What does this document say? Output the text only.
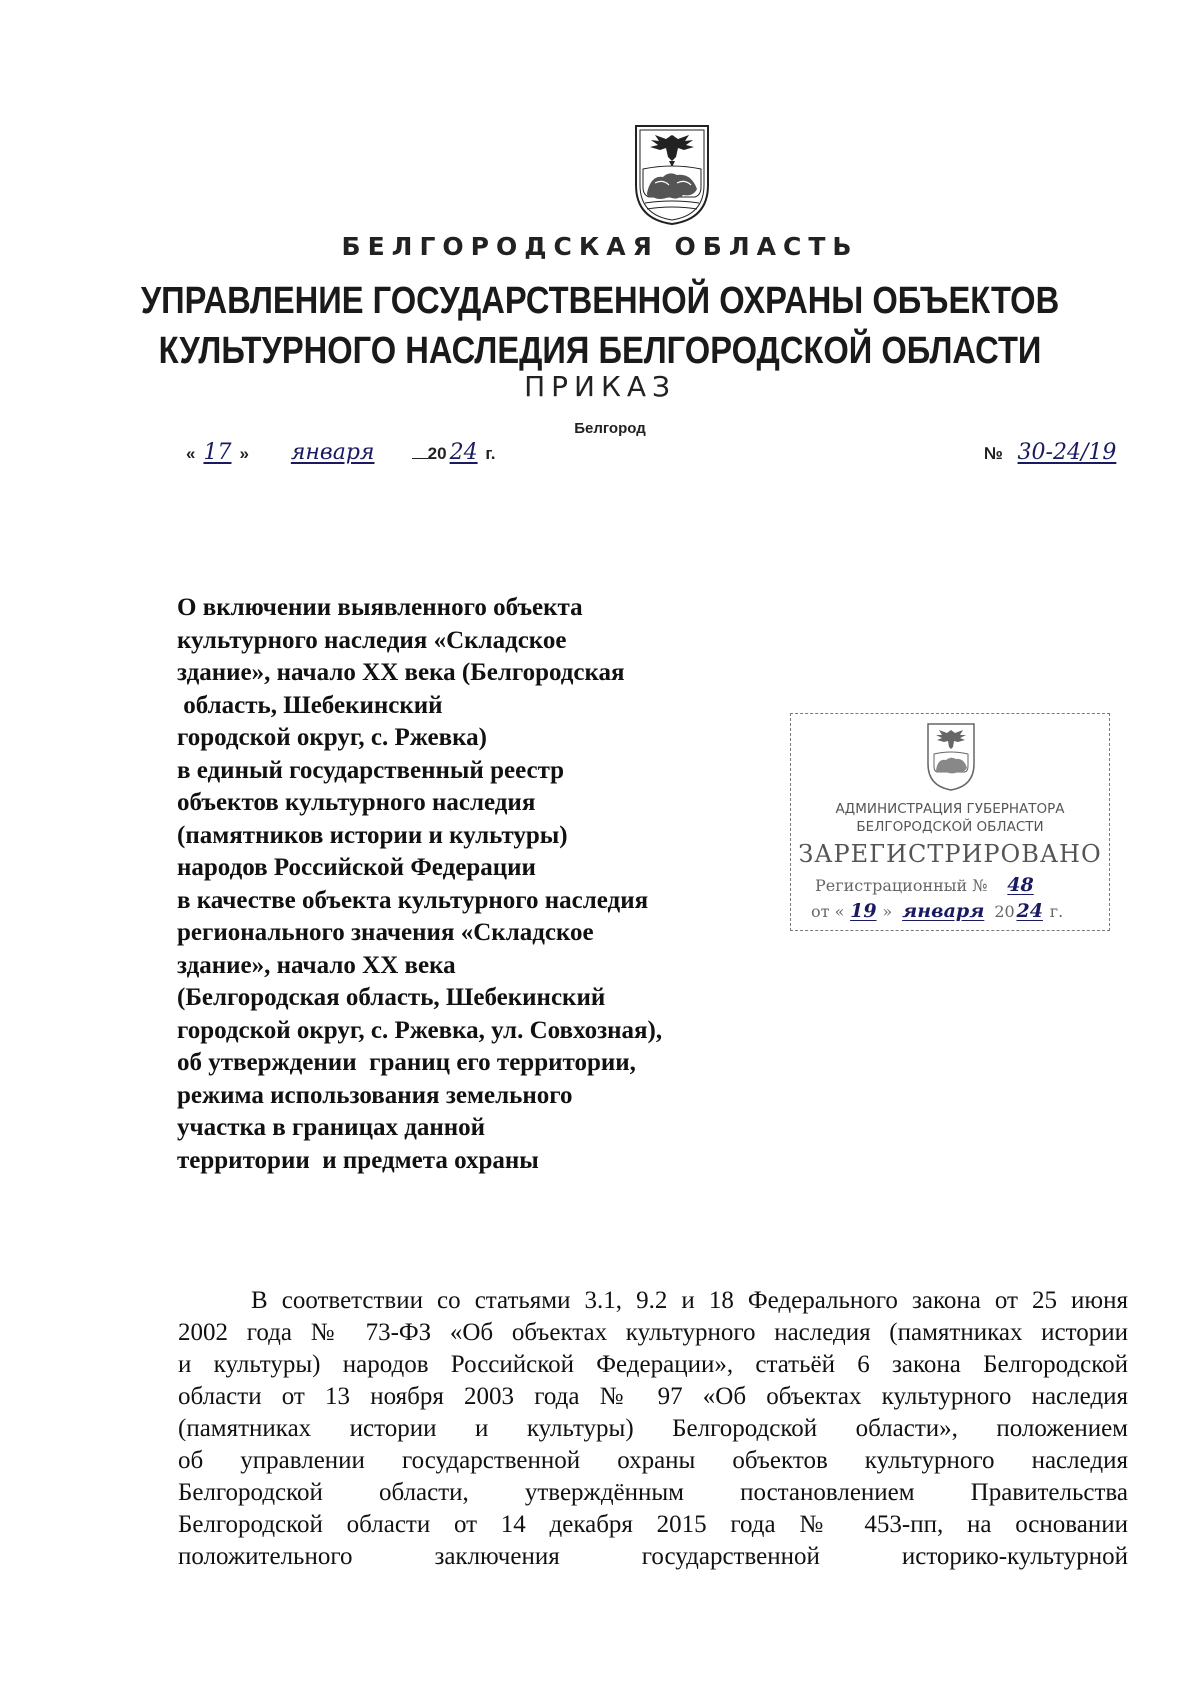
БЕЛГОРОДСКАЯ ОБЛАСТЬ
УПРАВЛЕНИЕ ГОСУДАРСТВЕННОЙ ОХРАНЫ ОБЪЕКТОВ
КУЛЬТУРНОГО НАСЛЕДИЯ БЕЛГОРОДСКОЙ ОБЛАСТИ
ПРИКАЗ
Белгород
« 17 » января	20 24 г.	№ 30-24/19
О включении выявленного объекта
культурного наследия «Складское
здание», начало XX века (Белгородская
область, Шебекинский
городской округ, с. Ржевка)
в единый государственный реестр
объектов культурного наследия
(памятников истории и культуры)
народов Российской Федерации
в качестве объекта культурного наследия
регионального значения «Складское
здание», начало XX века
(Белгородская область, Шебекинский
городской округ, с. Ржевка, ул. Совхозная),
об утверждении  границ его территории,
режима использования земельного
участка в границах данной
территории  и предмета охраны
АДМИНИСТРАЦИЯ ГУБЕРНАТОРА
БЕЛГОРОДСКОЙ ОБЛАСТИ
ЗАРЕГИСТРИРОВАНО
Регистрационный № 48
от « 19 » января 2024 г.
В соответствии со статьями 3.1, 9.2 и 18 Федерального закона от 25 июня
2002 года № 73-ФЗ «Об объектах культурного наследия (памятниках истории
и культуры) народов Российской Федерации», статьёй 6 закона Белгородской
области от 13 ноября 2003 года № 97 «Об объектах культурного наследия
(памятниках истории и культуры) Белгородской области», положением
об управлении государственной охраны объектов культурного наследия
Белгородской области, утверждённым постановлением Правительства
Белгородской области от 14 декабря 2015 года № 453-пп, на основании
положительного заключения государственной историко-культурной
